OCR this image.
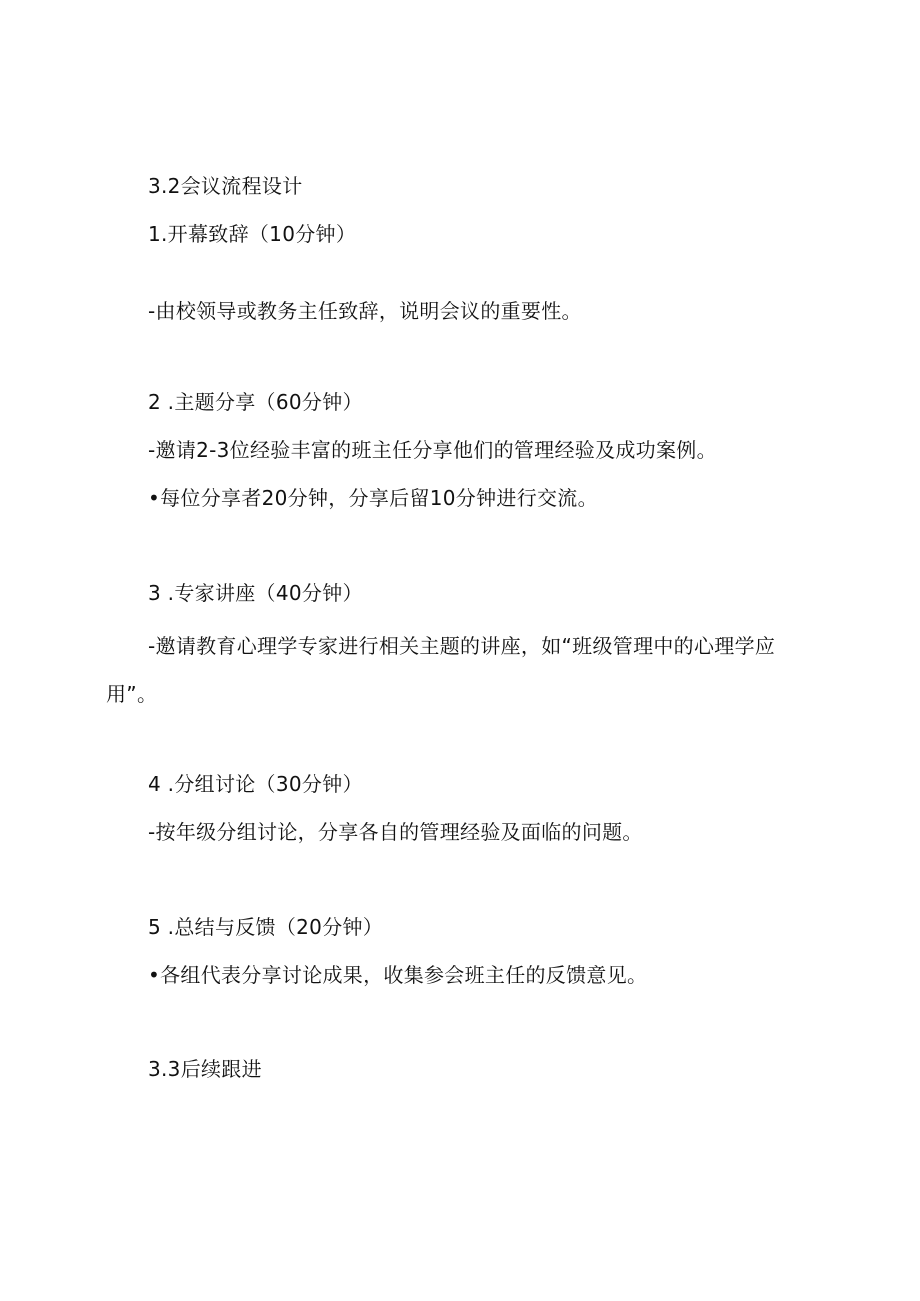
3.2会议流程设计

1.开幕致辞（10分钟）

-由校领导或教务主任致辞，说明会议的重要性。

2 .主题分享（60分钟）

-邀请2-3位经验丰富的班主任分享他们的管理经验及成功案例。

•每位分享者20分钟，分享后留10分钟进行交流。

3 .专家讲座（40分钟）

-邀请教育心理学专家进行相关主题的讲座，如“班级管理中的心理学应用”。

4 .分组讨论（30分钟）

-按年级分组讨论，分享各自的管理经验及面临的问题。

5 .总结与反馈（20分钟）

•各组代表分享讨论成果，收集参会班主任的反馈意见。

3.3后续跟进
